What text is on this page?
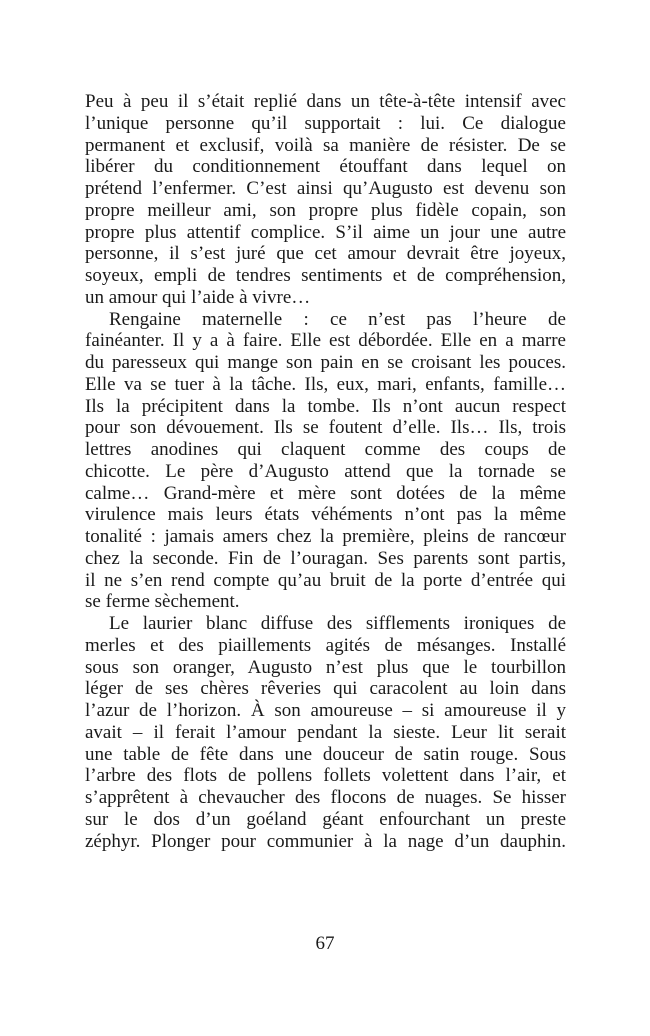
Peu à peu il s’était replié dans un tête-à-tête intensif avec
l’unique personne qu’il supportait : lui. Ce dialogue
permanent et exclusif, voilà sa manière de résister. De se
libérer du conditionnement étouffant dans lequel on
prétend l’enfermer. C’est ainsi qu’Augusto est devenu son
propre meilleur ami, son propre plus fidèle copain, son
propre plus attentif complice. S’il aime un jour une autre
personne, il s’est juré que cet amour devrait être joyeux,
soyeux, empli de tendres sentiments et de compréhension,
un amour qui l’aide à vivre…
Rengaine maternelle : ce n’est pas l’heure de
fainéanter. Il y a à faire. Elle est débordée. Elle en a marre
du paresseux qui mange son pain en se croisant les pouces.
Elle va se tuer à la tâche. Ils, eux, mari, enfants, famille…
Ils la précipitent dans la tombe. Ils n’ont aucun respect
pour son dévouement. Ils se foutent d’elle. Ils… Ils, trois
lettres anodines qui claquent comme des coups de
chicotte. Le père d’Augusto attend que la tornade se
calme… Grand-mère et mère sont dotées de la même
virulence mais leurs états véhéments n’ont pas la même
tonalité : jamais amers chez la première, pleins de rancœur
chez la seconde. Fin de l’ouragan. Ses parents sont partis,
il ne s’en rend compte qu’au bruit de la porte d’entrée qui
se ferme sèchement.
Le laurier blanc diffuse des sifflements ironiques de
merles et des piaillements agités de mésanges. Installé
sous son oranger, Augusto n’est plus que le tourbillon
léger de ses chères rêveries qui caracolent au loin dans
l’azur de l’horizon. À son amoureuse – si amoureuse il y
avait – il ferait l’amour pendant la sieste. Leur lit serait
une table de fête dans une douceur de satin rouge. Sous
l’arbre des flots de pollens follets volettent dans l’air, et
s’apprêtent à chevaucher des flocons de nuages. Se hisser
sur le dos d’un goéland géant enfourchant un preste
zéphyr. Plonger pour communier à la nage d’un dauphin.
67
